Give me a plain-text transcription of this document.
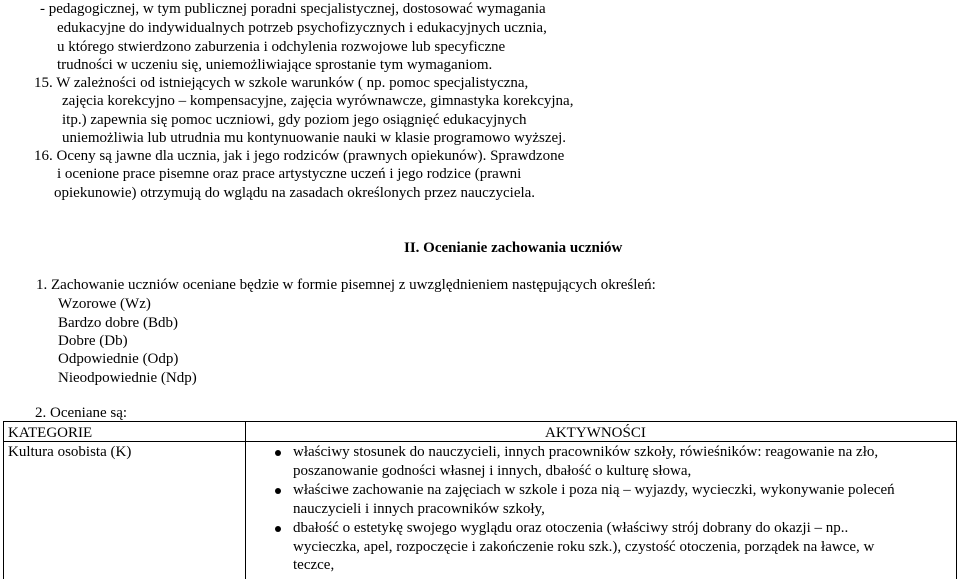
- pedagogicznej, w tym publicznej poradni specjalistycznej, dostosować wymagania
edukacyjne do indywidualnych potrzeb psychofizycznych i edukacyjnych ucznia,
u którego stwierdzono zaburzenia i odchylenia rozwojowe lub specyficzne
trudności w uczeniu się, uniemożliwiające sprostanie tym wymaganiom.
15. W zależności od istniejących w szkole warunków ( np. pomoc specjalistyczna,
zajęcia korekcyjno – kompensacyjne, zajęcia wyrównawcze, gimnastyka korekcyjna,
itp.) zapewnia się pomoc uczniowi, gdy poziom jego osiągnięć edukacyjnych
uniemożliwia lub utrudnia mu kontynuowanie nauki w klasie programowo wyższej.
16. Oceny są jawne dla ucznia, jak i jego rodziców (prawnych opiekunów). Sprawdzone
i ocenione prace pisemne oraz prace artystyczne uczeń i jego rodzice (prawni
opiekunowie) otrzymują do wglądu na zasadach określonych przez nauczyciela.
II. Ocenianie zachowania uczniów
1. Zachowanie uczniów oceniane będzie w formie pisemnej z uwzględnieniem następujących określeń:
Wzorowe (Wz)
Bardzo dobre (Bdb)
Dobre (Db)
Odpowiednie (Odp)
Nieodpowiednie (Ndp)
2. Oceniane są:
KATEGORIE	AKTYWNOŚCI
Kultura osobista (K)	właściwy stosunek do nauczycieli, innych pracowników szkoły, rówieśników: reagowanie na zło,
poszanowanie godności własnej i innych, dbałość o kulturę słowa,
właściwe zachowanie na zajęciach w szkole i poza nią – wyjazdy, wycieczki, wykonywanie poleceń
nauczycieli i innych pracowników szkoły,
dbałość o estetykę swojego wyglądu oraz otoczenia (właściwy strój dobrany do okazji – np..
wycieczka, apel, rozpoczęcie i zakończenie roku szk.), czystość otoczenia, porządek na ławce, w
teczce,
